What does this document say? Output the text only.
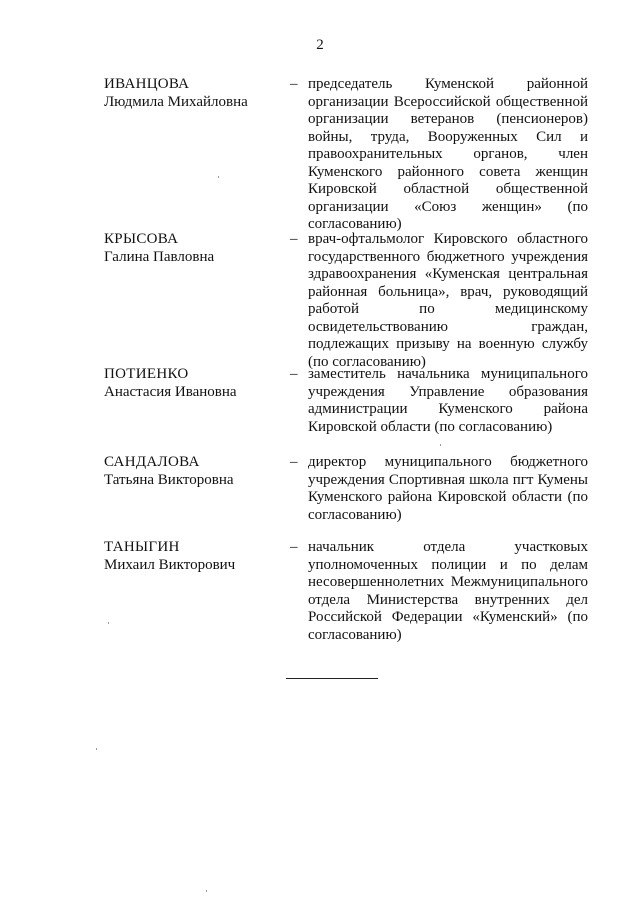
2
ИВАНЦОВА
Людмила Михайловна
– председатель Куменской районной организации Всероссийской общественной организации ветеранов (пенсионеров) войны, труда, Вооруженных Сил и правоохранительных органов, член Куменского районного совета женщин Кировской областной общественной организации «Союз женщин» (по согласованию)
КРЫСОВА
Галина Павловна
– врач-офтальмолог Кировского областного государственного бюджетного учреждения здравоохранения «Куменская центральная районная больница», врач, руководящий работой по медицинскому освидетельствованию граждан, подлежащих призыву на военную службу (по согласованию)
ПОТИЕНКО
Анастасия Ивановна
– заместитель начальника муниципального учреждения Управление образования администрации Куменского района Кировской области (по согласованию)
САНДАЛОВА
Татьяна Викторовна
– директор муниципального бюджетного учреждения Спортивная школа пгт Кумены Куменского района Кировской области (по согласованию)
ТАНЫГИН
Михаил Викторович
– начальник отдела участковых уполномоченных полиции и по делам несовершеннолетних Межмуниципального отдела Министерства внутренних дел Российской Федерации «Куменский» (по согласованию)
